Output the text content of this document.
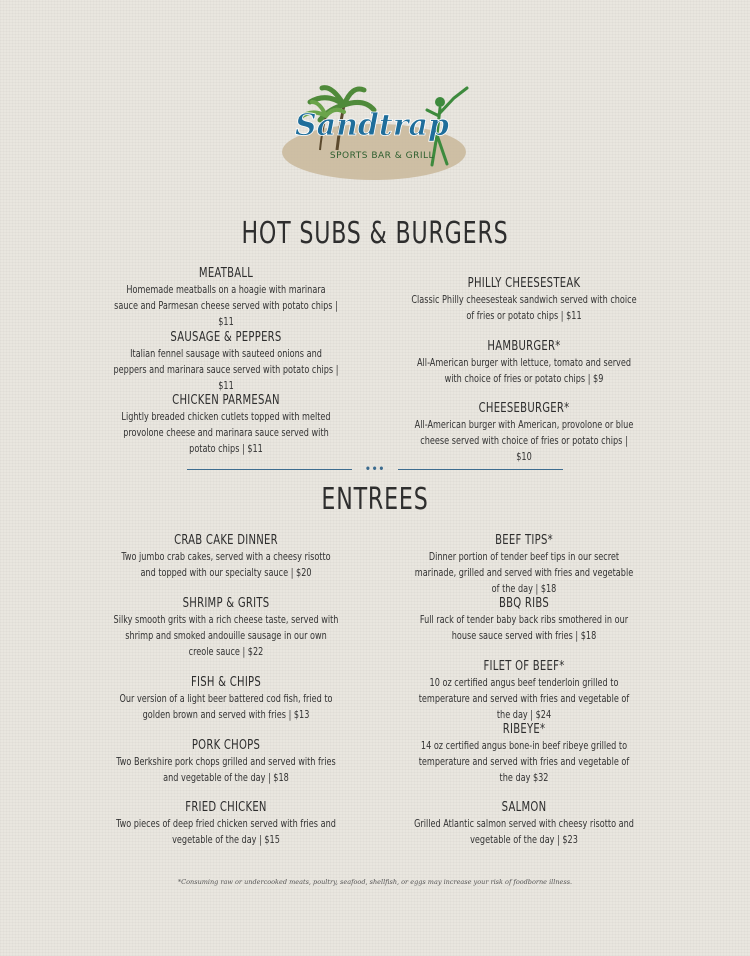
Sandtrap
SPORTS BAR & GRILL
HOT SUBS & BURGERS
MEATBALL
Homemade meatballs on a hoagie with marinara sauce and Parmesan cheese served with potato chips | $11
SAUSAGE & PEPPERS
Italian fennel sausage with sauteed onions and peppers and marinara sauce served with potato chips | $11
CHICKEN PARMESAN
Lightly breaded chicken cutlets topped with melted provolone cheese and marinara sauce served with potato chips | $11
PHILLY CHEESESTEAK
Classic Philly cheesesteak sandwich served with choice of fries or potato chips | $11
HAMBURGER*
All-American burger with lettuce, tomato and served with choice of fries or potato chips | $9
CHEESEBURGER*
All-American burger with American, provolone or blue cheese served with choice of fries or potato chips | $10
•••
ENTREES
CRAB CAKE DINNER
Two jumbo crab cakes, served with a cheesy risotto and topped with our specialty sauce | $20
SHRIMP & GRITS
Silky smooth grits with a rich cheese taste, served with shrimp and smoked andouille sausage in our own creole sauce | $22
FISH & CHIPS
Our version of a light beer battered cod fish, fried to golden brown and served with fries | $13
PORK CHOPS
Two Berkshire pork chops grilled and served with fries and vegetable of the day | $18
FRIED CHICKEN
Two pieces of deep fried chicken served with fries and vegetable of the day | $15
BEEF TIPS*
Dinner portion of tender beef tips in our secret marinade, grilled and served with fries and vegetable of the day | $18
BBQ RIBS
Full rack of tender baby back ribs smothered in our house sauce served with fries | $18
FILET OF BEEF*
10 oz certified angus beef tenderloin grilled to temperature and served with fries and vegetable of the day | $24
RIBEYE*
14 oz certified angus bone-in beef ribeye grilled to temperature and served with fries and vegetable of the day $32
SALMON
Grilled Atlantic salmon served with cheesy risotto and vegetable of the day | $23
*Consuming raw or undercooked meats, poultry, seafood, shellfish, or eggs may increase your risk of foodborne illness.
